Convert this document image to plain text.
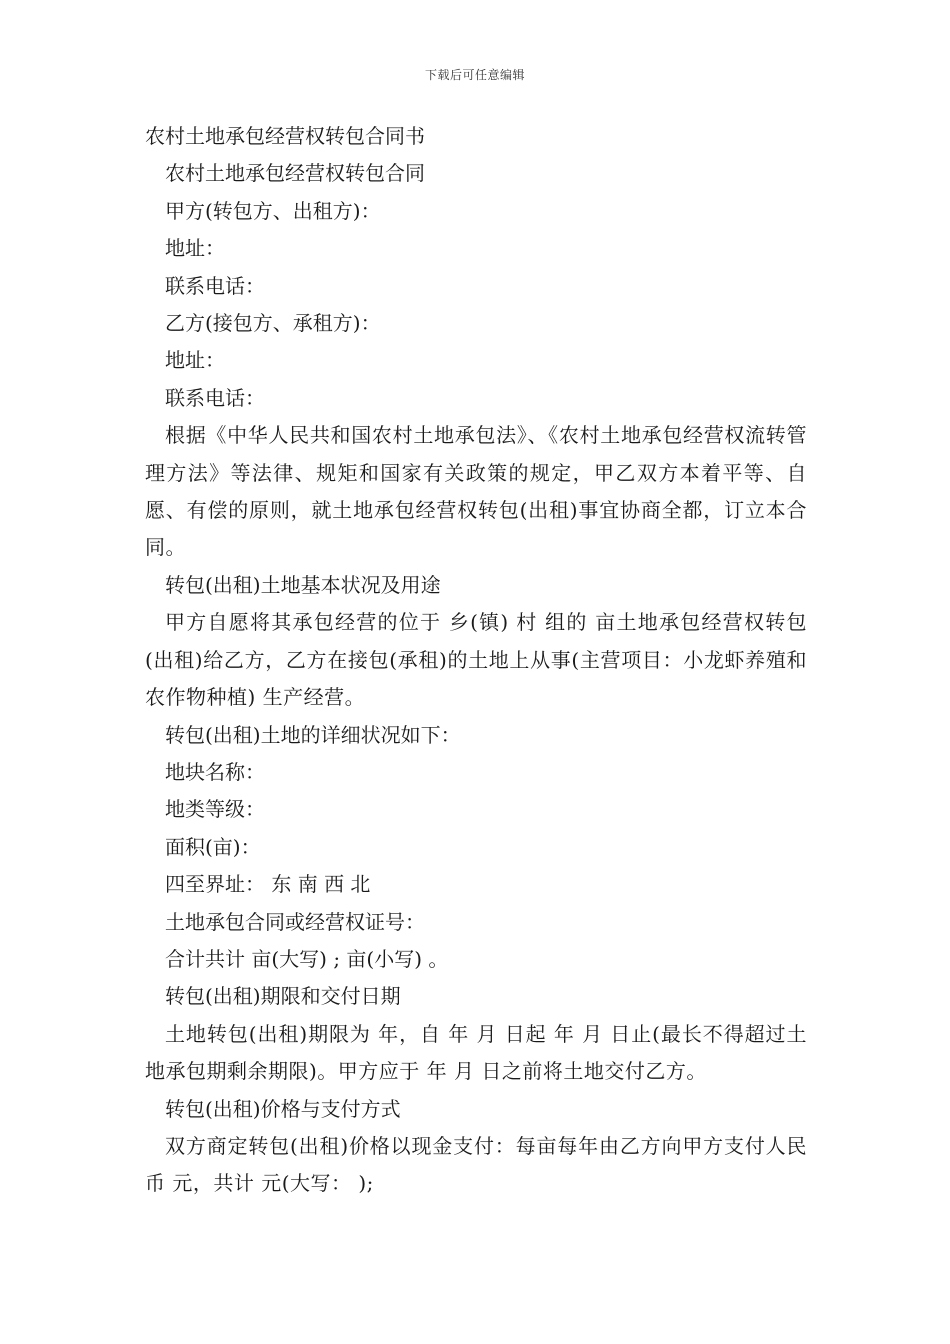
下载后可任意编辑

农村土地承包经营权转包合同书

农村土地承包经营权转包合同

甲方(转包方、出租方)：

地址：

联系电话：

乙方(接包方、承租方)：

地址：

联系电话：

根据《中华人民共和国农村土地承包法》、《农村土地承包经营权流转管理方法》等法律、规矩和国家有关政策的规定，甲乙双方本着平等、自愿、有偿的原则，就土地承包经营权转包(出租)事宜协商全都，订立本合同。

转包(出租)土地基本状况及用途

甲方自愿将其承包经营的位于 乡(镇) 村 组的 亩土地承包经营权转包(出租)给乙方，乙方在接包(承租)的土地上从事(主营项目：小龙虾养殖和农作物种植) 生产经营。

转包(出租)土地的详细状况如下：

地块名称：

地类等级：

面积(亩)：

四至界址： 东 南 西 北

土地承包合同或经营权证号：

合计共计 亩(大写) ; 亩(小写) 。

转包(出租)期限和交付日期

土地转包(出租)期限为 年，自 年 月 日起 年 月 日止(最长不得超过土地承包期剩余期限)。甲方应于 年 月 日之前将土地交付乙方。

转包(出租)价格与支付方式

双方商定转包(出租)价格以现金支付：每亩每年由乙方向甲方支付人民币 元，共计 元(大写： );
